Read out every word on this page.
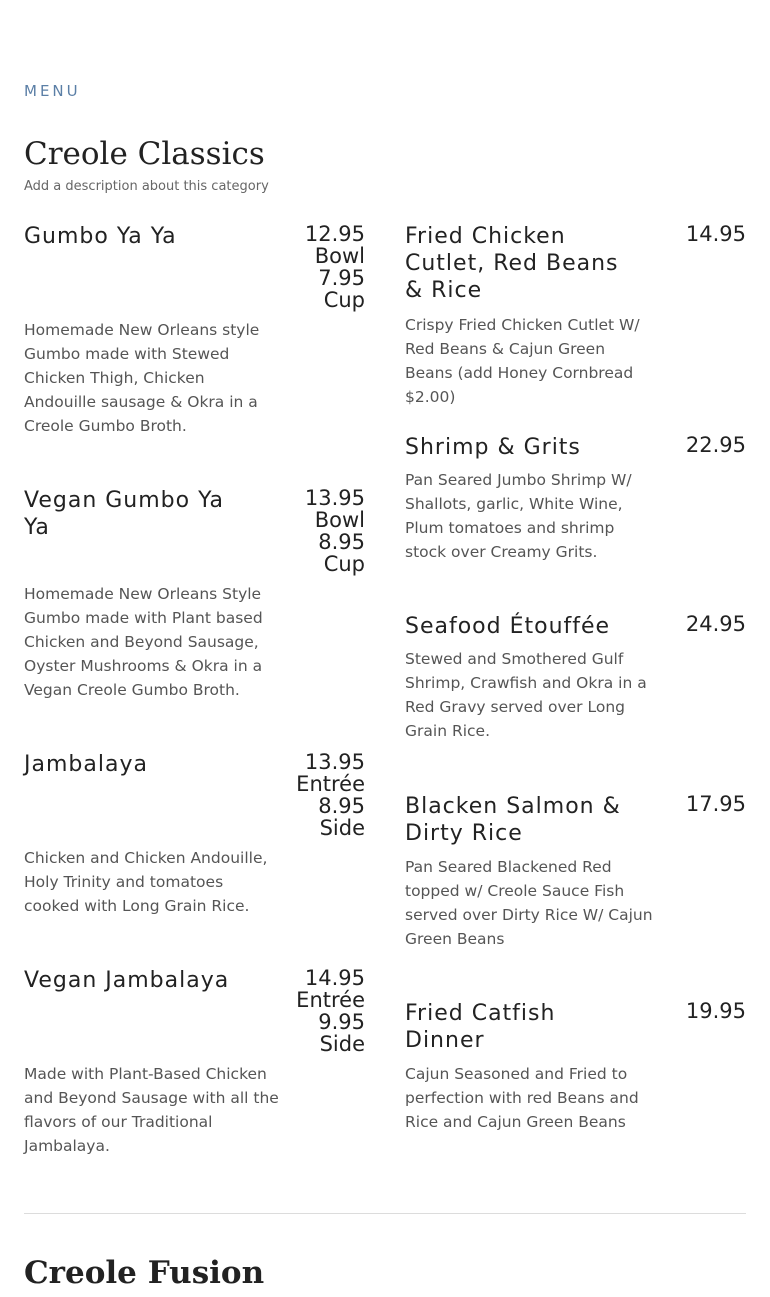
MENU
Creole Classics
Add a description about this category
Gumbo Ya Ya	12.95
Bowl
7.95
Cup
Homemade New Orleans style Gumbo made with Stewed Chicken Thigh, Chicken Andouille sausage & Okra in a Creole Gumbo Broth.
Vegan Gumbo Ya Ya
13.95
Bowl
8.95
Cup
Homemade New Orleans Style Gumbo made with Plant based Chicken and Beyond Sausage, Oyster Mushrooms & Okra in a Vegan Creole Gumbo Broth.
Jambalaya	13.95
Entrée
8.95
Side
Chicken and Chicken Andouille, Holy Trinity and tomatoes cooked with Long Grain Rice.
Vegan Jambalaya	14.95
Entrée
9.95
Side
Made with Plant-Based Chicken and Beyond Sausage with all the flavors of our Traditional Jambalaya.
Fried Chicken Cutlet, Red Beans & Rice
14.95
Crispy Fried Chicken Cutlet W/ Red Beans & Cajun Green Beans (add Honey Cornbread $2.00)
Shrimp & Grits	22.95
Pan Seared Jumbo Shrimp W/ Shallots, garlic, White Wine, Plum tomatoes and shrimp stock over Creamy Grits.
Seafood Étouffée	24.95
Stewed and Smothered Gulf Shrimp, Crawfish and Okra in a Red Gravy served over Long Grain Rice.
Blacken Salmon & Dirty Rice
17.95
Pan Seared Blackened Red topped w/ Creole Sauce Fish served over Dirty Rice W/ Cajun Green Beans
Fried Catfish Dinner
19.95
Cajun Seasoned and Fried to perfection with red Beans and Rice and Cajun Green Beans
Creole Fusion
